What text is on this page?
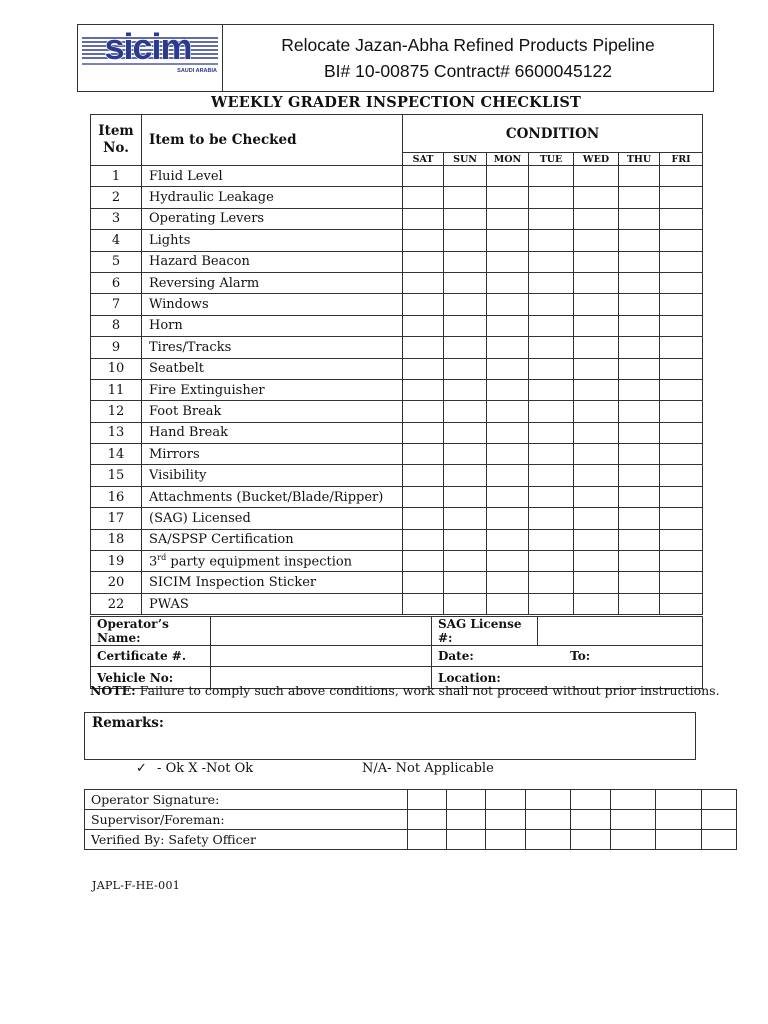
sicim
SAUDI ARABIA
Relocate Jazan-Abha Refined Products Pipeline
BI# 10-00875 Contract# 6600045122
WEEKLY GRADER INSPECTION CHECKLIST
Item No.	Item to be Checked	CONDITION						
		SAT	SUN	MON	TUE	WED	THU	FRI
1	Fluid Level							
2	Hydraulic Leakage							
3	Operating Levers							
4	Lights							
5	Hazard Beacon							
6	Reversing Alarm							
7	Windows							
8	Horn							
9	Tires/Tracks							
10	Seatbelt							
11	Fire Extinguisher							
12	Foot Break							
13	Hand Break							
14	Mirrors							
15	Visibility							
16	Attachments (Bucket/Blade/Ripper)							
17	(SAG) Licensed							
18	SA/SPSP Certification							
19	3rd party equipment inspection							
20	SICIM Inspection Sticker							
22	PWAS							
Operator’s Name:		SAG License #:	
Certificate #.		Date: To:	
Vehicle No:		Location:	
NOTE: Failure to comply such above conditions, work shall not proceed without prior instructions.
Remarks:
✓ - Ok X -Not Ok	N/A- Not Applicable
Operator Signature:								
Supervisor/Foreman:								
Verified By: Safety Officer								
JAPL-F-HE-001
